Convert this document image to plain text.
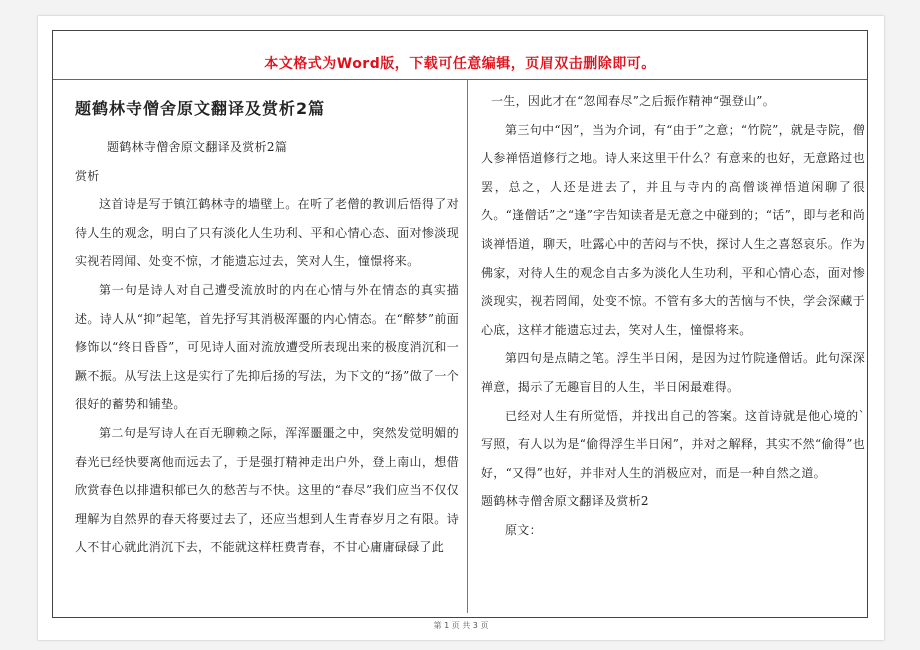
本文格式为Word版，下载可任意编辑，页眉双击删除即可。

题鹤林寺僧舍原文翻译及赏析2篇

题鹤林寺僧舍原文翻译及赏析2篇

赏析

这首诗是写于镇江鹤林寺的墙壁上。在听了老僧的教训后悟得了对待人生的观念，明白了只有淡化人生功利、平和心情心态、面对惨淡现实视若罔闻、处变不惊，才能遗忘过去，笑对人生，憧憬将来。

第一句是诗人对自己遭受流放时的内在心情与外在情态的真实描述。诗人从“抑”起笔，首先抒写其消极浑噩的内心情态。在“醉梦”前面修饰以“终日昏昏”，可见诗人面对流放遭受所表现出来的极度消沉和一蹶不振。从写法上这是实行了先抑后扬的写法，为下文的“扬”做了一个很好的蓄势和铺垫。

第二句是写诗人在百无聊赖之际，浑浑噩噩之中，突然发觉明媚的春光已经快要离他而远去了，于是强打精神走出户外，登上南山，想借欣赏春色以排遣积郁已久的愁苦与不快。这里的“春尽”我们应当不仅仅理解为自然界的春天将要过去了，还应当想到人生青春岁月之有限。诗人不甘心就此消沉下去，不能就这样枉费青春，不甘心庸庸碌碌了此

一生，因此才在“忽闻春尽”之后振作精神“强登山”。

第三句中“因”，当为介词，有“由于”之意；“竹院”，就是寺院，僧人参禅悟道修行之地。诗人来这里干什么？有意来的也好，无意路过也罢，总之，人还是进去了，并且与寺内的高僧谈禅悟道闲聊了很久。“逢僧话”之“逢”字告知读者是无意之中碰到的；“话”，即与老和尚谈禅悟道，聊天，吐露心中的苦闷与不快，探讨人生之喜怒哀乐。作为佛家，对待人生的观念自古多为淡化人生功利，平和心情心态，面对惨淡现实，视若罔闻，处变不惊。不管有多大的苦恼与不快，学会深藏于心底，这样才能遗忘过去，笑对人生，憧憬将来。

第四句是点睛之笔。浮生半日闲，是因为过竹院逢僧话。此句深深禅意，揭示了无趣盲目的人生，半日闲最难得。

已经对人生有所觉悟，并找出自己的答案。这首诗就是他心境的`写照，有人以为是“偷得浮生半日闲”，并对之解释，其实不然“偷得”也好，“又得”也好，并非对人生的消极应对，而是一种自然之道。

题鹤林寺僧舍原文翻译及赏析2

原文：

第 1 页 共 3 页
